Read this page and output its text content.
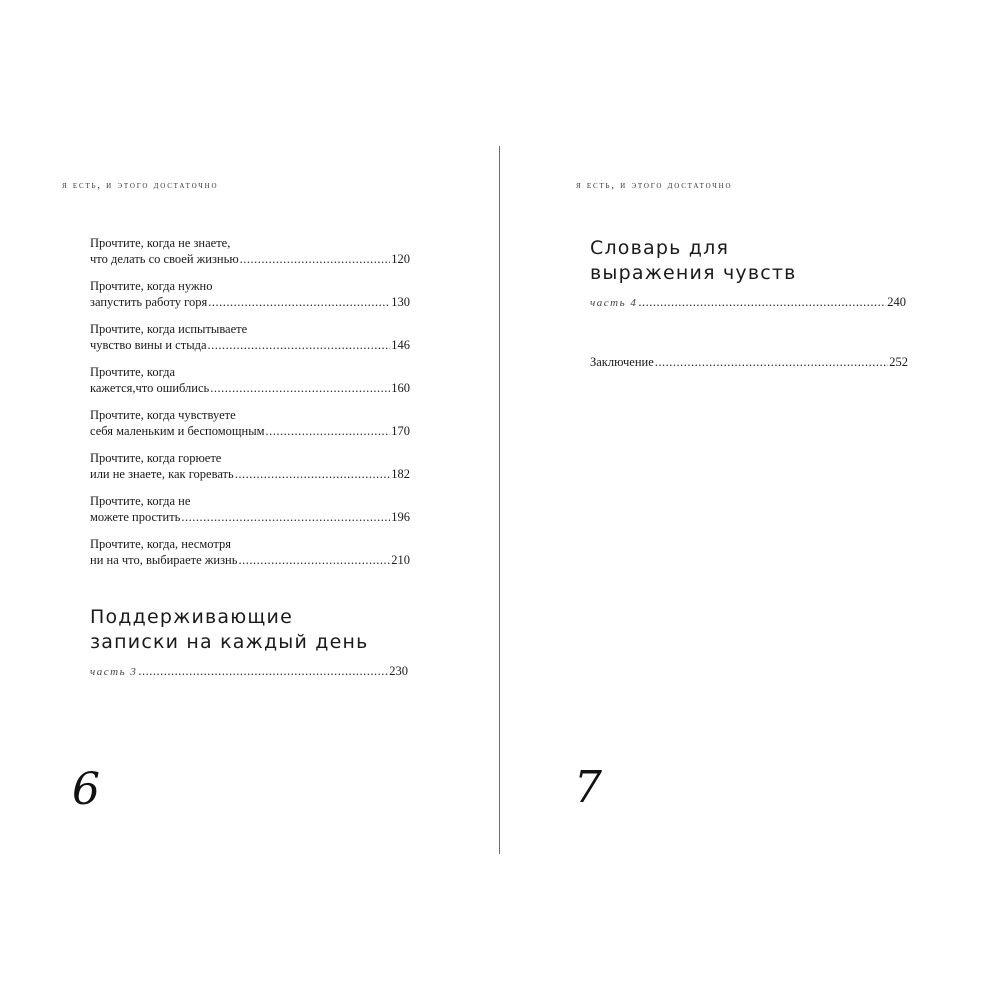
я есть, и этого достаточно
Прочтите, когда не знаете,
что делать со своей жизнью .....	120
Прочтите, когда нужно
запустить работу горя .....	130
Прочтите, когда испытываете
чувство вины и стыда .....	146
Прочтите, когда
кажется,что ошиблись .....	160
Прочтите, когда чувствуете
себя маленьким и беспомощным .....	170
Прочтите, когда горюете
или не знаете, как горевать .....	182
Прочтите, когда не
можете простить .....	196
Прочтите, когда, несмотря
ни на что, выбираете жизнь .....	210
Поддерживающие
записки на каждый день
часть 3 .....	230
6
я есть, и этого достаточно
Словарь для
выражения чувств
часть 4 .....	240
Заключение .....	252
7
